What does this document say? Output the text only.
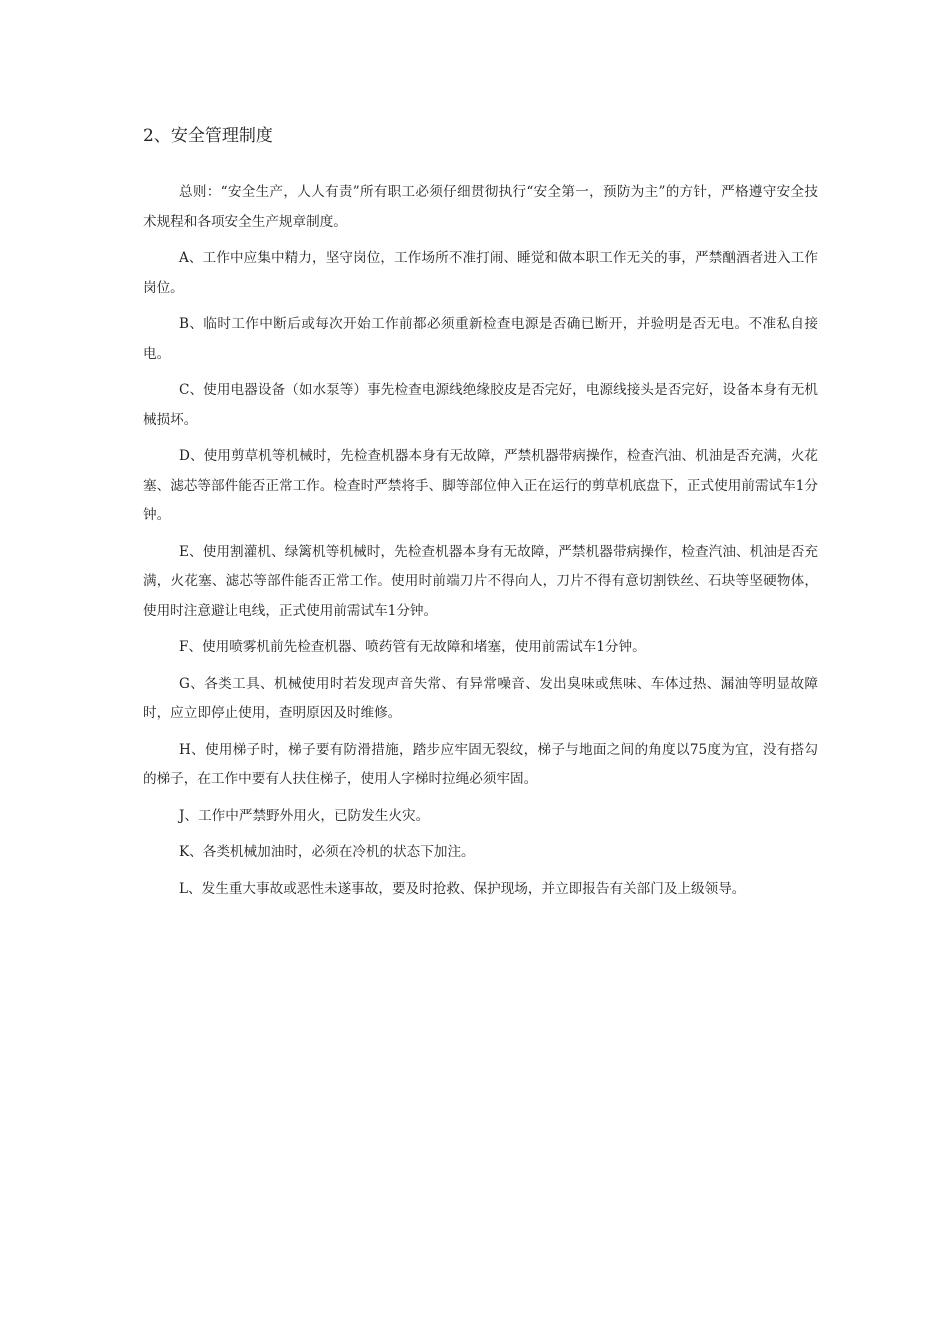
2、安全管理制度

总则：“安全生产，人人有责”所有职工必须仔细贯彻执行“安全第一，预防为主”的方针，严格遵守安全技术规程和各项安全生产规章制度。

A、工作中应集中精力，坚守岗位，工作场所不准打闹、睡觉和做本职工作无关的事，严禁酗酒者进入工作岗位。

B、临时工作中断后或每次开始工作前都必须重新检查电源是否确已断开，并验明是否无电。不准私自接电。

C、使用电器设备（如水泵等）事先检查电源线绝缘胶皮是否完好，电源线接头是否完好，设备本身有无机械损坏。

D、使用剪草机等机械时，先检查机器本身有无故障，严禁机器带病操作，检查汽油、机油是否充满，火花塞、滤芯等部件能否正常工作。检查时严禁将手、脚等部位伸入正在运行的剪草机底盘下，正式使用前需试车1分钟。

E、使用割灌机、绿篱机等机械时，先检查机器本身有无故障，严禁机器带病操作，检查汽油、机油是否充满，火花塞、滤芯等部件能否正常工作。使用时前端刀片不得向人，刀片不得有意切割铁丝、石块等坚硬物体，使用时注意避让电线，正式使用前需试车1分钟。

F、使用喷雾机前先检查机器、喷药管有无故障和堵塞，使用前需试车1分钟。

G、各类工具、机械使用时若发现声音失常、有异常噪音、发出臭味或焦味、车体过热、漏油等明显故障时，应立即停止使用，查明原因及时维修。

H、使用梯子时，梯子要有防滑措施，踏步应牢固无裂纹，梯子与地面之间的角度以75度为宜，没有搭勾的梯子，在工作中要有人扶住梯子，使用人字梯时拉绳必须牢固。

J、工作中严禁野外用火，已防发生火灾。

K、各类机械加油时，必须在冷机的状态下加注。

L、发生重大事故或恶性未遂事故，要及时抢救、保护现场，并立即报告有关部门及上级领导。
